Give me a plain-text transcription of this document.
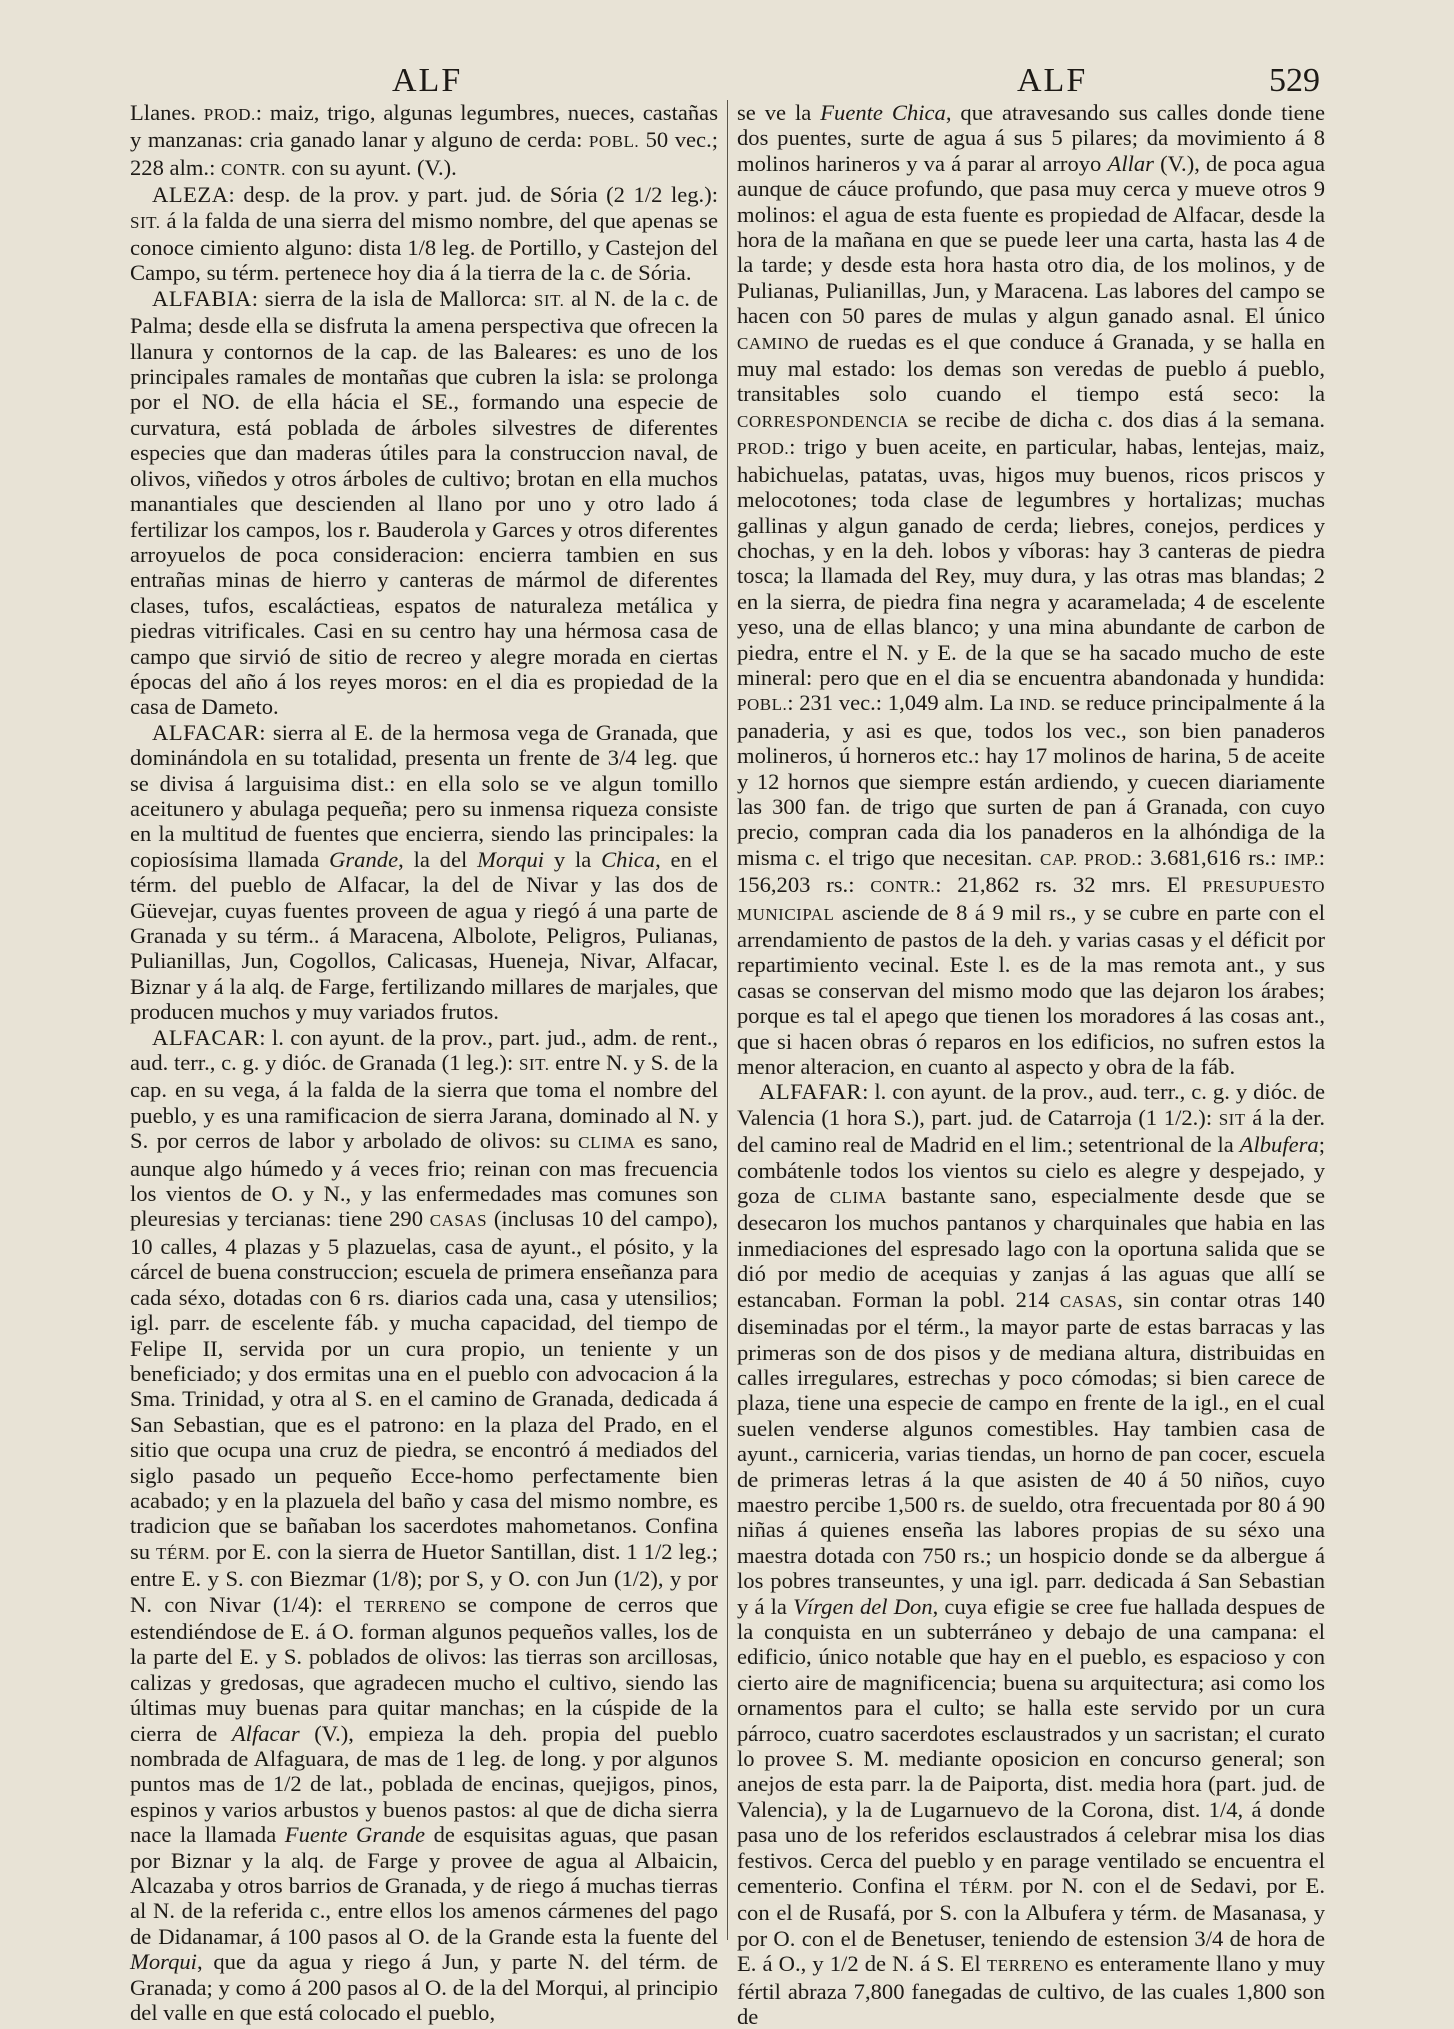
ALF	ALF	529

Llanes. PROD.: maiz, trigo, algunas legumbres, nueces, castañas y manzanas: cria ganado lanar y alguno de cerda: POBL. 50 vec.; 228 alm.: CONTR. con su ayunt. (V.).

ALEZA: desp. de la prov. y part. jud. de Sória (2 1/2 leg.): SIT. á la falda de una sierra del mismo nombre, del que apenas se conoce cimiento alguno: dista 1/8 leg. de Portillo, y Castejon del Campo, su térm. pertenece hoy dia á la tierra de la c. de Sória.

ALFABIA: sierra de la isla de Mallorca: SIT. al N. de la c. de Palma; desde ella se disfruta la amena perspectiva que ofrecen la llanura y contornos de la cap. de las Baleares: es uno de los principales ramales de montañas que cubren la isla: se prolonga por el NO. de ella hácia el SE., formando una especie de curvatura, está poblada de árboles silvestres de diferentes especies que dan maderas útiles para la construccion naval, de olivos, viñedos y otros árboles de cultivo; brotan en ella muchos manantiales que descienden al llano por uno y otro lado á fertilizar los campos, los r. Bauderola y Garces y otros diferentes arroyuelos de poca consideracion: encierra tambien en sus entrañas minas de hierro y canteras de mármol de diferentes clases, tufos, escaláctieas, espatos de naturaleza metálica y piedras vitrificales. Casi en su centro hay una hérmosa casa de campo que sirvió de sitio de recreo y alegre morada en ciertas épocas del año á los reyes moros: en el dia es propiedad de la casa de Dameto.

ALFACAR: sierra al E. de la hermosa vega de Granada, que dominándola en su totalidad, presenta un frente de 3/4 leg. que se divisa á larguisima dist.: en ella solo se ve algun tomillo aceitunero y abulaga pequeña; pero su inmensa riqueza consiste en la multitud de fuentes que encierra, siendo las principales: la copiosísima llamada Grande, la del Morqui y la Chica, en el térm. del pueblo de Alfacar, la del de Nivar y las dos de Güevejar, cuyas fuentes proveen de agua y riegó á una parte de Granada y su térm.. á Maracena, Albolote, Peligros, Pulianas, Pulianillas, Jun, Cogollos, Calicasas, Hueneja, Nivar, Alfacar, Biznar y á la alq. de Farge, fertilizando millares de marjales, que producen muchos y muy variados frutos.

ALFACAR: l. con ayunt. de la prov., part. jud., adm. de rent., aud. terr., c. g. y dióc. de Granada (1 leg.): SIT. entre N. y S. de la cap. en su vega, á la falda de la sierra que toma el nombre del pueblo, y es una ramificacion de sierra Jarana, dominado al N. y S. por cerros de labor y arbolado de olivos: su CLIMA es sano, aunque algo húmedo y á veces frio; reinan con mas frecuencia los vientos de O. y N., y las enfermedades mas comunes son pleuresias y tercianas: tiene 290 CASAS (inclusas 10 del campo), 10 calles, 4 plazas y 5 plazuelas, casa de ayunt., el pósito, y la cárcel de buena construccion; escuela de primera enseñanza para cada séxo, dotadas con 6 rs. diarios cada una, casa y utensilios; igl. parr. de escelente fáb. y mucha capacidad, del tiempo de Felipe II, servida por un cura propio, un teniente y un beneficiado; y dos ermitas una en el pueblo con advocacion á la Sma. Trinidad, y otra al S. en el camino de Granada, dedicada á San Sebastian, que es el patrono: en la plaza del Prado, en el sitio que ocupa una cruz de piedra, se encontró á mediados del siglo pasado un pequeño Ecce-homo perfectamente bien acabado; y en la plazuela del baño y casa del mismo nombre, es tradicion que se bañaban los sacerdotes mahometanos. Confina su TÉRM. por E. con la sierra de Huetor Santillan, dist. 1 1/2 leg.; entre E. y S. con Biezmar (1/8); por S, y O. con Jun (1/2), y por N. con Nivar (1/4): el TERRENO se compone de cerros que estendiéndose de E. á O. forman algunos pequeños valles, los de la parte del E. y S. poblados de olivos: las tierras son arcillosas, calizas y gredosas, que agradecen mucho el cultivo, siendo las últimas muy buenas para quitar manchas; en la cúspide de la cierra de Alfacar (V.), empieza la deh. propia del pueblo nombrada de Alfaguara, de mas de 1 leg. de long. y por algunos puntos mas de 1/2 de lat., poblada de encinas, quejigos, pinos, espinos y varios arbustos y buenos pastos: al que de dicha sierra nace la llamada Fuente Grande de esquisitas aguas, que pasan por Biznar y la alq. de Farge y provee de agua al Albaicin, Alcazaba y otros barrios de Granada, y de riego á muchas tierras al N. de la referida c., entre ellos los amenos cármenes del pago de Didanamar, á 100 pasos al O. de la Grande esta la fuente del Morqui, que da agua y riego á Jun, y parte N. del térm. de Granada; y como á 200 pasos al O. de la del Morqui, al principio del valle en que está colocado el pueblo,

se ve la Fuente Chica, que atravesando sus calles donde tiene dos puentes, surte de agua á sus 5 pilares; da movimiento á 8 molinos harineros y va á parar al arroyo Allar (V.), de poca agua aunque de cáuce profundo, que pasa muy cerca y mueve otros 9 molinos: el agua de esta fuente es propiedad de Alfacar, desde la hora de la mañana en que se puede leer una carta, hasta las 4 de la tarde; y desde esta hora hasta otro dia, de los molinos, y de Pulianas, Pulianillas, Jun, y Maracena. Las labores del campo se hacen con 50 pares de mulas y algun ganado asnal. El único CAMINO de ruedas es el que conduce á Granada, y se halla en muy mal estado: los demas son veredas de pueblo á pueblo, transitables solo cuando el tiempo está seco: la CORRESPONDENCIA se recibe de dicha c. dos dias á la semana. PROD.: trigo y buen aceite, en particular, habas, lentejas, maiz, habichuelas, patatas, uvas, higos muy buenos, ricos priscos y melocotones; toda clase de legumbres y hortalizas; muchas gallinas y algun ganado de cerda; liebres, conejos, perdices y chochas, y en la deh. lobos y víboras: hay 3 canteras de piedra tosca; la llamada del Rey, muy dura, y las otras mas blandas; 2 en la sierra, de piedra fina negra y acaramelada; 4 de escelente yeso, una de ellas blanco; y una mina abundante de carbon de piedra, entre el N. y E. de la que se ha sacado mucho de este mineral: pero que en el dia se encuentra abandonada y hundida: POBL.: 231 vec.: 1,049 alm. La IND. se reduce principalmente á la panaderia, y asi es que, todos los vec., son bien panaderos molineros, ú horneros etc.: hay 17 molinos de harina, 5 de aceite y 12 hornos que siempre están ardiendo, y cuecen diariamente las 300 fan. de trigo que surten de pan á Granada, con cuyo precio, compran cada dia los panaderos en la alhóndiga de la misma c. el trigo que necesitan. CAP. PROD.: 3.681,616 rs.: IMP.: 156,203 rs.: CONTR.: 21,862 rs. 32 mrs. El PRESUPUESTO MUNICIPAL asciende de 8 á 9 mil rs., y se cubre en parte con el arrendamiento de pastos de la deh. y varias casas y el déficit por repartimiento vecinal. Este l. es de la mas remota ant., y sus casas se conservan del mismo modo que las dejaron los árabes; porque es tal el apego que tienen los moradores á las cosas ant., que si hacen obras ó reparos en los edificios, no sufren estos la menor alteracion, en cuanto al aspecto y obra de la fáb.

ALFAFAR: l. con ayunt. de la prov., aud. terr., c. g. y dióc. de Valencia (1 hora S.), part. jud. de Catarroja (1 1/2.): SIT á la der. del camino real de Madrid en el lim.; setentrional de la Albufera; combátenle todos los vientos su cielo es alegre y despejado, y goza de CLIMA bastante sano, especialmente desde que se desecaron los muchos pantanos y charquinales que habia en las inmediaciones del espresado lago con la oportuna salida que se dió por medio de acequias y zanjas á las aguas que allí se estancaban. Forman la pobl. 214 CASAS, sin contar otras 140 diseminadas por el térm., la mayor parte de estas barracas y las primeras son de dos pisos y de mediana altura, distribuidas en calles irregulares, estrechas y poco cómodas; si bien carece de plaza, tiene una especie de campo en frente de la igl., en el cual suelen venderse algunos comestibles. Hay tambien casa de ayunt., carniceria, varias tiendas, un horno de pan cocer, escuela de primeras letras á la que asisten de 40 á 50 niños, cuyo maestro percibe 1,500 rs. de sueldo, otra frecuentada por 80 á 90 niñas á quienes enseña las labores propias de su séxo una maestra dotada con 750 rs.; un hospicio donde se da albergue á los pobres transeuntes, y una igl. parr. dedicada á San Sebastian y á la Vírgen del Don, cuya efigie se cree fue hallada despues de la conquista en un subterráneo y debajo de una campana: el edificio, único notable que hay en el pueblo, es espacioso y con cierto aire de magnificencia; buena su arquitectura; asi como los ornamentos para el culto; se halla este servido por un cura párroco, cuatro sacerdotes esclaustrados y un sacristan; el curato lo provee S. M. mediante oposicion en concurso general; son anejos de esta parr. la de Paiporta, dist. media hora (part. jud. de Valencia), y la de Lugarnuevo de la Corona, dist. 1/4, á donde pasa uno de los referidos esclaustrados á celebrar misa los dias festivos. Cerca del pueblo y en parage ventilado se encuentra el cementerio. Confina el TÉRM. por N. con el de Sedavi, por E. con el de Rusafá, por S. con la Albufera y térm. de Masanasa, y por O. con el de Benetuser, teniendo de estension 3/4 de hora de E. á O., y 1/2 de N. á S. El TERRENO es enteramente llano y muy fértil abraza 7,800 fanegadas de cultivo, de las cuales 1,800 son de
